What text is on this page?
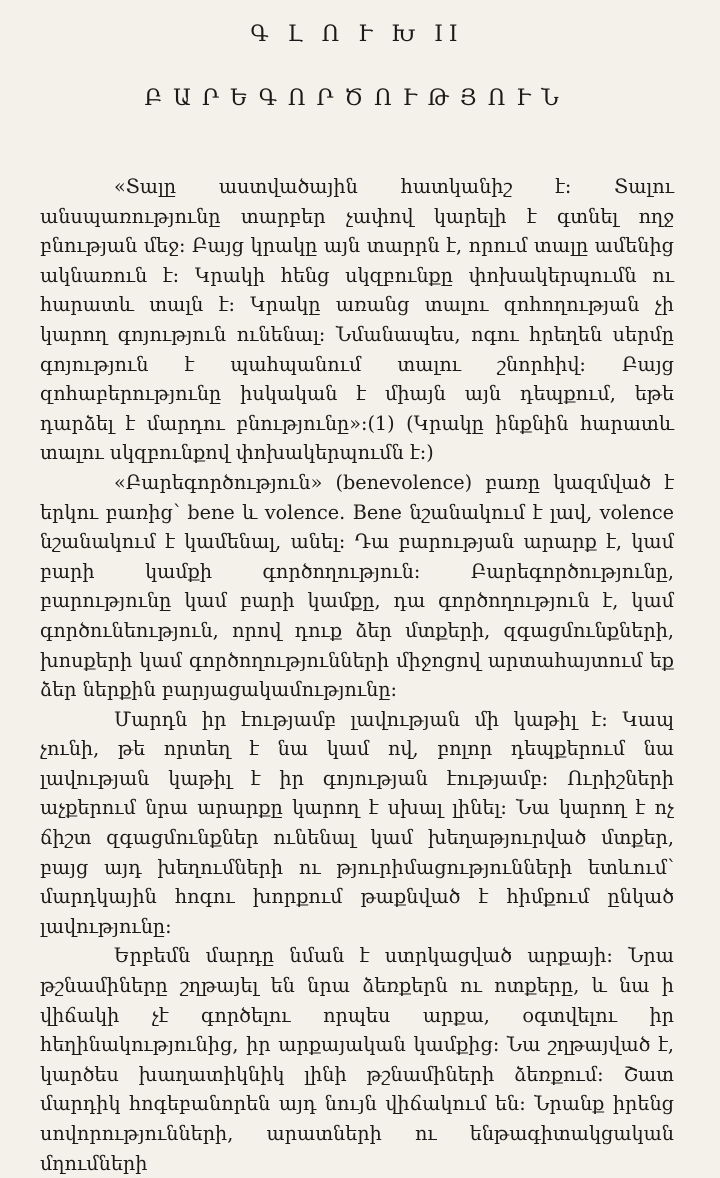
Գ Լ Ո Ւ Խ II
ԲԱՐԵԳՈՐԾՈՒԹՅՈՒՆ

«Տալը աստվածային հատկանիշ է: Տալու անսպառությունը տարբեր չափով կարելի է գտնել ողջ բնության մեջ: Բայց կրակը այն տարրն է, որում տալը ամենից ակնառուն է: Կրակի հենց սկզբունքը փոխակերպումն ու հարատև տալն է: Կրակը առանց տալու զոհողության չի կարող գոյություն ունենալ: Նմանապես, ոգու հրեղեն սերմը գոյություն է պահպանում տալու շնորհիվ: Բայց զոհաբերությունը իսկական է միայն այն դեպքում, եթե դարձել է մարդու բնությունը»:(1) (Կրակը ինքնին հարատև տալու սկզբունքով փոխակերպումն է:)

«Բարեգործություն» (benevolence) բառը կազմված է երկու բառից՝ bene և volence. Bene նշանակում է լավ, volence նշանակում է կամենալ, անել: Դա բարության արարք է, կամ բարի կամքի գործողություն: Բարեգործությունը, բարությունը կամ բարի կամքը, դա գործողություն է, կամ գործունեություն, որով դուք ձեր մտքերի, զգացմունքների, խոսքերի կամ գործողությունների միջոցով արտահայտում եք ձեր ներքին բարյացակամությունը:

Մարդն իր էությամբ լավության մի կաթիլ է: Կապ չունի, թե որտեղ է նա կամ ով, բոլոր դեպքերում նա լավության կաթիլ է իր գոյության էությամբ: Ուրիշների աչքերում նրա արարքը կարող է սխալ լինել: Նա կարող է ոչ ճիշտ զգացմունքներ ունենալ կամ խեղաթյուրված մտքեր, բայց այդ խեղումների ու թյուրիմացությունների ետևում՝ մարդկային հոգու խորքում թաքնված է հիմքում ընկած լավությունը:

Երբեմն մարդը նման է ստրկացված արքայի: Նրա թշնամիները շղթայել են նրա ձեռքերն ու ոտքերը, և նա ի վիճակի չէ գործելու որպես արքա, օգտվելու իր հեղինակությունից, իր արքայական կամքից: Նա շղթայված է, կարծես խաղատիկնիկ լինի թշնամիների ձեռքում: Շատ մարդիկ հոգեբանորեն այդ նույն վիճակում են: Նրանք իրենց սովորությունների, արատների ու ենթագիտակցական մղումների
